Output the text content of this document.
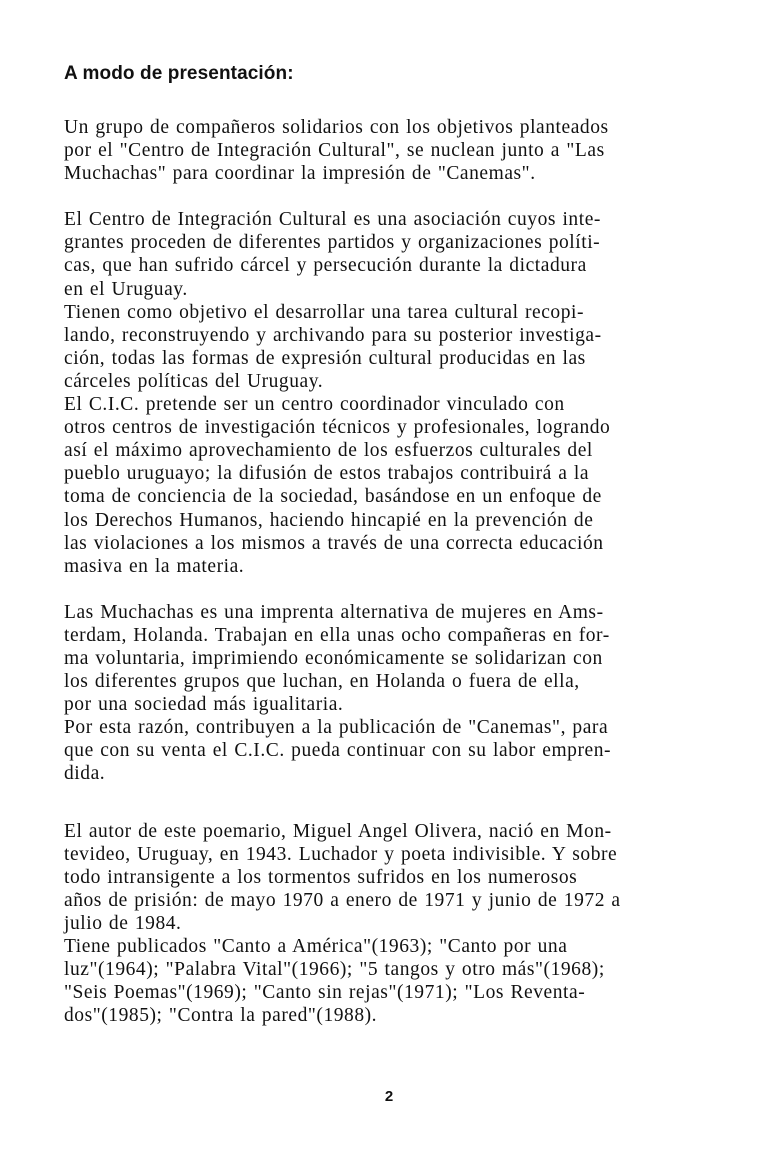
A modo de presentación:
Un grupo de compañeros solidarios con los objetivos planteados
por el "Centro de Integración Cultural", se nuclean junto a "Las
Muchachas" para coordinar la impresión de "Canemas".
El Centro de Integración Cultural es una asociación cuyos inte-
grantes proceden de diferentes partidos y organizaciones políti-
cas, que han sufrido cárcel y persecución durante la dictadura
en el Uruguay.
Tienen como objetivo el desarrollar una tarea cultural recopi-
lando, reconstruyendo y archivando para su posterior investiga-
ción, todas las formas de expresión cultural producidas en las
cárceles políticas del Uruguay.
El C.I.C. pretende ser un centro coordinador vinculado con
otros centros de investigación técnicos y profesionales, logrando
así el máximo aprovechamiento de los esfuerzos culturales del
pueblo uruguayo; la difusión de estos trabajos contribuirá a la
toma de conciencia de la sociedad, basándose en un enfoque de
los Derechos Humanos, haciendo hincapié en la prevención de
las violaciones a los mismos a través de una correcta educación
masiva en la materia.
Las Muchachas es una imprenta alternativa de mujeres en Ams-
terdam, Holanda. Trabajan en ella unas ocho compañeras en for-
ma voluntaria, imprimiendo económicamente se solidarizan con
los diferentes grupos que luchan, en Holanda o fuera de ella,
por una sociedad más igualitaria.
Por esta razón, contribuyen a la publicación de "Canemas", para
que con su venta el C.I.C. pueda continuar con su labor empren-
dida.
El autor de este poemario, Miguel Angel Olivera, nació en Mon-
tevideo, Uruguay, en 1943. Luchador y poeta indivisible. Y sobre
todo intransigente a los tormentos sufridos en los numerosos
años de prisión: de mayo 1970 a enero de 1971 y junio de 1972 a
julio de 1984.
Tiene publicados "Canto a América"(1963); "Canto por una
luz"(1964); "Palabra Vital"(1966); "5 tangos y otro más"(1968);
"Seis Poemas"(1969); "Canto sin rejas"(1971); "Los Reventa-
dos"(1985); "Contra la pared"(1988).
2
